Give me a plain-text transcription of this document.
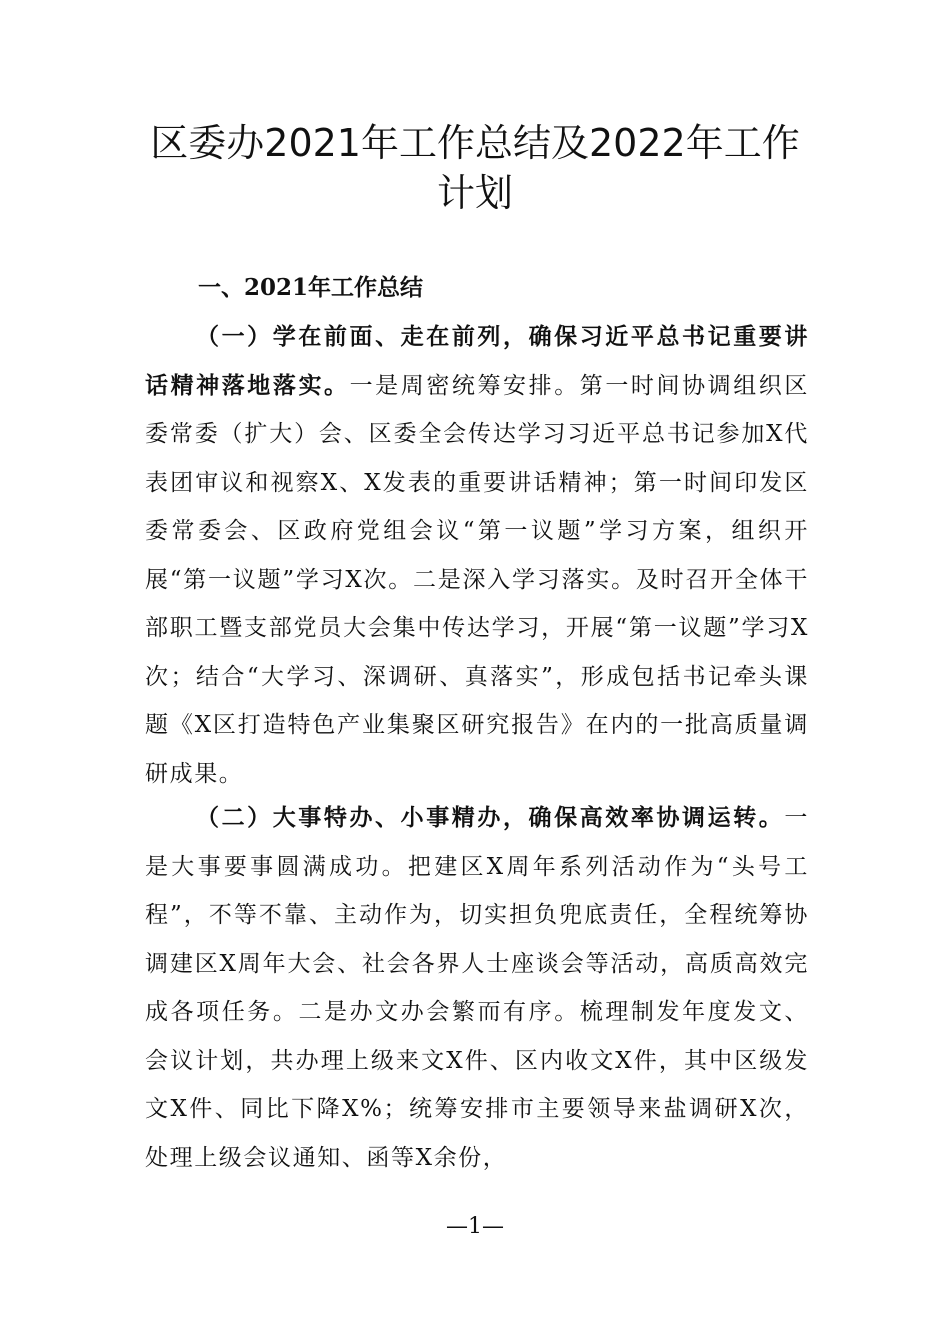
区委办2021年工作总结及2022年工作
计划
一、2021年工作总结
（一）学在前面、走在前列，确保习近平总书记重要讲话精神落地落实。一是周密统筹安排。第一时间协调组织区委常委（扩大）会、区委全会传达学习习近平总书记参加X代表团审议和视察X、X发表的重要讲话精神；第一时间印发区委常委会、区政府党组会议“第一议题”学习方案，组织开展“第一议题”学习X次。二是深入学习落实。及时召开全体干部职工暨支部党员大会集中传达学习，开展“第一议题”学习X次；结合“大学习、深调研、真落实”，形成包括书记牵头课题《X区打造特色产业集聚区研究报告》在内的一批高质量调研成果。
（二）大事特办、小事精办，确保高效率协调运转。一是大事要事圆满成功。把建区X周年系列活动作为“头号工程”，不等不靠、主动作为，切实担负兜底责任，全程统筹协调建区X周年大会、社会各界人士座谈会等活动，高质高效完成各项任务。二是办文办会繁而有序。梳理制发年度发文、会议计划，共办理上级来文X件、区内收文X件，其中区级发文X件、同比下降X%；统筹安排市主要领导来盐调研X次，处理上级会议通知、函等X余份，
—1—
